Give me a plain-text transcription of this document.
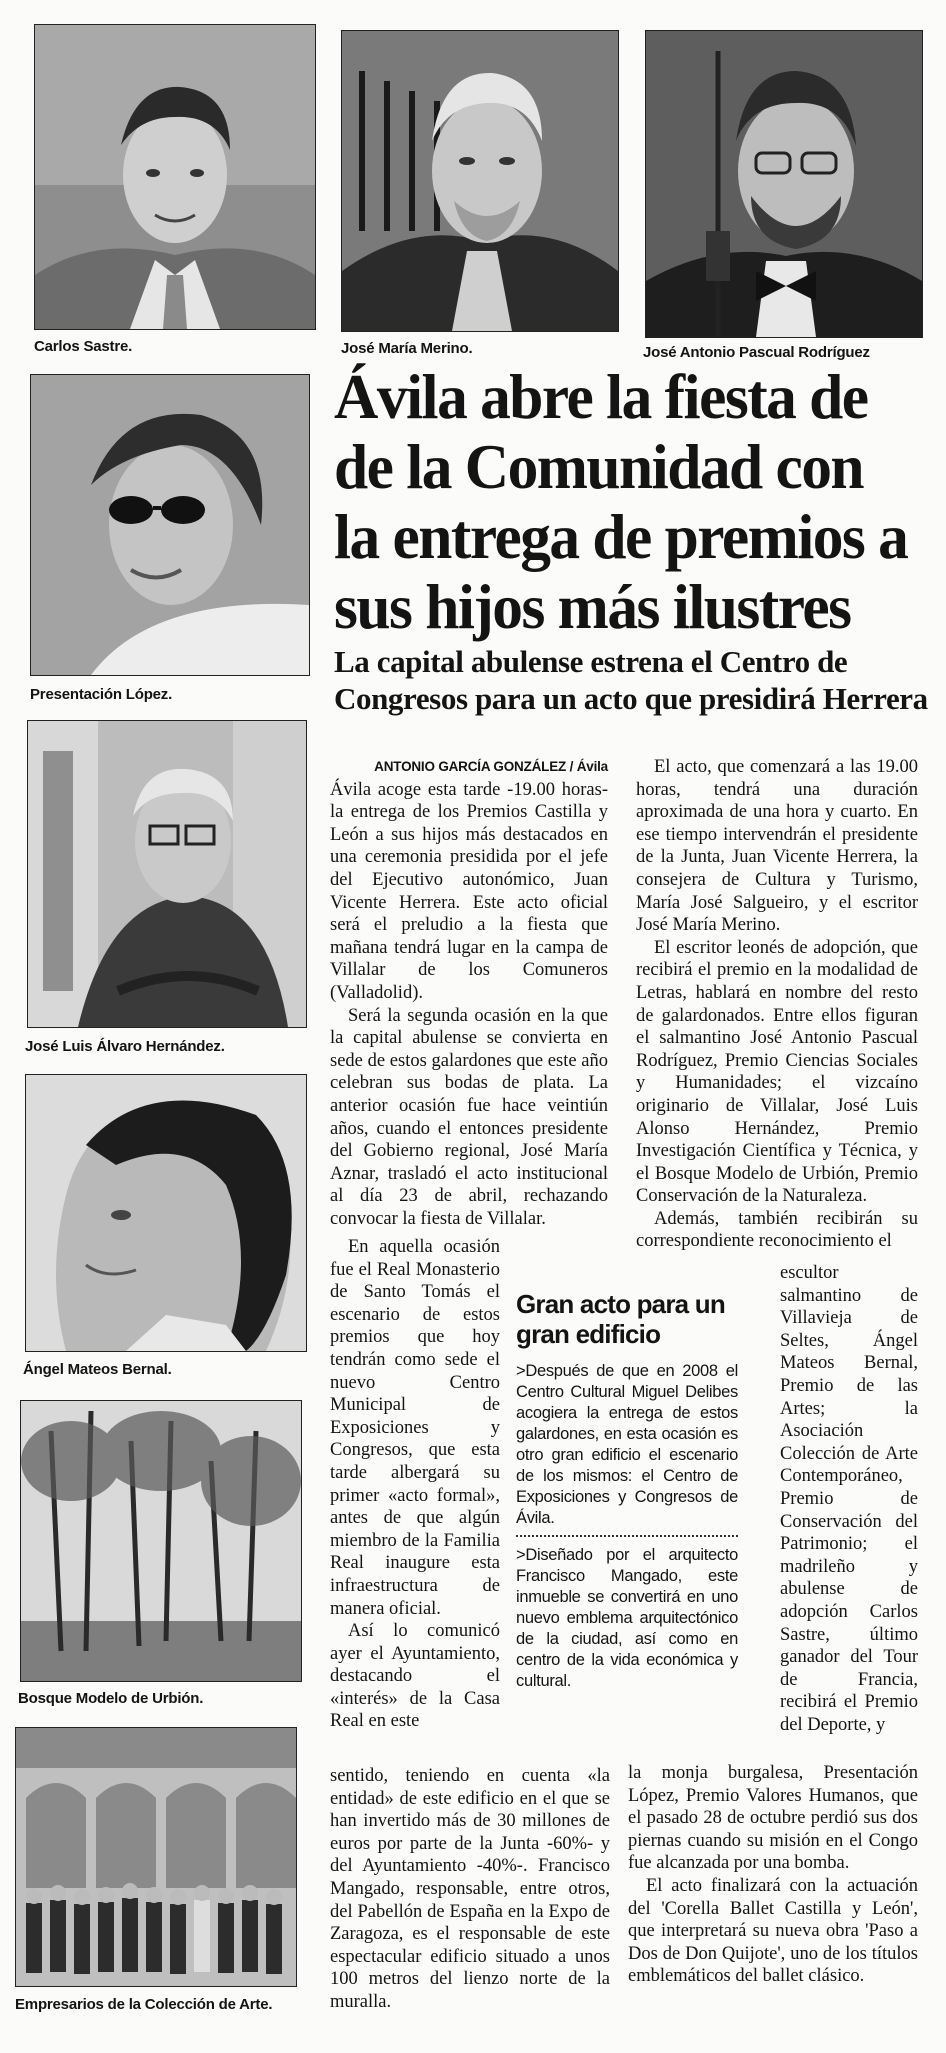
Carlos Sastre.	José María Merino.	José Antonio Pascual Rodríguez
Presentación López.
José Luis Álvaro Hernández.
Ángel Mateos Bernal.
Bosque Modelo de Urbión.
Empresarios de la Colección de Arte.
Ávila abre la fiesta de de la Comunidad con la entrega de premios a sus hijos más ilustres
La capital abulense estrena el Centro de Congresos para un acto que presidirá Herrera

ANTONIO GARCÍA GONZÁLEZ / Ávila

Ávila acoge esta tarde -19.00 horas- la entrega de los Premios Castilla y León a sus hijos más destacados en una ceremonia presidida por el jefe del Ejecutivo autonómico, Juan Vicente Herrera. Este acto oficial será el preludio a la fiesta que mañana tendrá lugar en la campa de Villalar de los Comuneros (Valladolid).

Será la segunda ocasión en la que la capital abulense se convierta en sede de estos galardones que este año celebran sus bodas de plata. La anterior ocasión fue hace veintiún años, cuando el entonces presidente del Gobierno regional, José María Aznar, trasladó el acto institucional al día 23 de abril, rechazando convocar la fiesta de Villalar.

En aquella ocasión fue el Real Monasterio de Santo Tomás el escenario de estos premios que hoy tendrán como sede el nuevo Centro Municipal de Exposiciones y Congresos, que esta tarde albergará su primer «acto formal», antes de que algún miembro de la Familia Real inaugure esta infraestructura de manera oficial.

Así lo comunicó ayer el Ayuntamiento, destacando el «interés» de la Casa Real en este

sentido, teniendo en cuenta «la entidad» de este edificio en el que se han invertido más de 30 millones de euros por parte de la Junta -60%- y del Ayuntamiento -40%-. Francisco Mangado, responsable, entre otros, del Pabellón de España en la Expo de Zaragoza, es el responsable de este espectacular edificio situado a unos 100 metros del lienzo norte de la muralla.

El acto, que comenzará a las 19.00 horas, tendrá una duración aproximada de una hora y cuarto. En ese tiempo intervendrán el presidente de la Junta, Juan Vicente Herrera, la consejera de Cultura y Turismo, María José Salgueiro, y el escritor José María Merino.

El escritor leonés de adopción, que recibirá el premio en la modalidad de Letras, hablará en nombre del resto de galardonados. Entre ellos figuran el salmantino José Antonio Pascual Rodríguez, Premio Ciencias Sociales y Humanidades; el vizcaíno originario de Villalar, José Luis Alonso Hernández, Premio Investigación Científica y Técnica, y el Bosque Modelo de Urbión, Premio Conservación de la Naturaleza.

Además, también recibirán su correspondiente reconocimiento el

escultor salmantino de Villavieja de Seltes, Ángel Mateos Bernal, Premio de las Artes; la Asociación Colección de Arte Contemporáneo, Premio de Conservación del Patrimonio; el madrileño y abulense de adopción Carlos Sastre, último ganador del Tour de Francia, recibirá el Premio del Deporte, y

la monja burgalesa, Presentación López, Premio Valores Humanos, que el pasado 28 de octubre perdió sus dos piernas cuando su misión en el Congo fue alcanzada por una bomba.

El acto finalizará con la actuación del 'Corella Ballet Castilla y León', que interpretará su nueva obra 'Paso a Dos de Don Quijote', uno de los títulos emblemáticos del ballet clásico.

Gran acto para un gran edificio

>Después de que en 2008 el Centro Cultural Miguel Delibes acogiera la entrega de estos galardones, en esta ocasión es otro gran edificio el escenario de los mismos: el Centro de Exposiciones y Congresos de Ávila.

>Diseñado por el arquitecto Francisco Mangado, este inmueble se convertirá en uno nuevo emblema arquitectónico de la ciudad, así como en centro de la vida económica y cultural.
